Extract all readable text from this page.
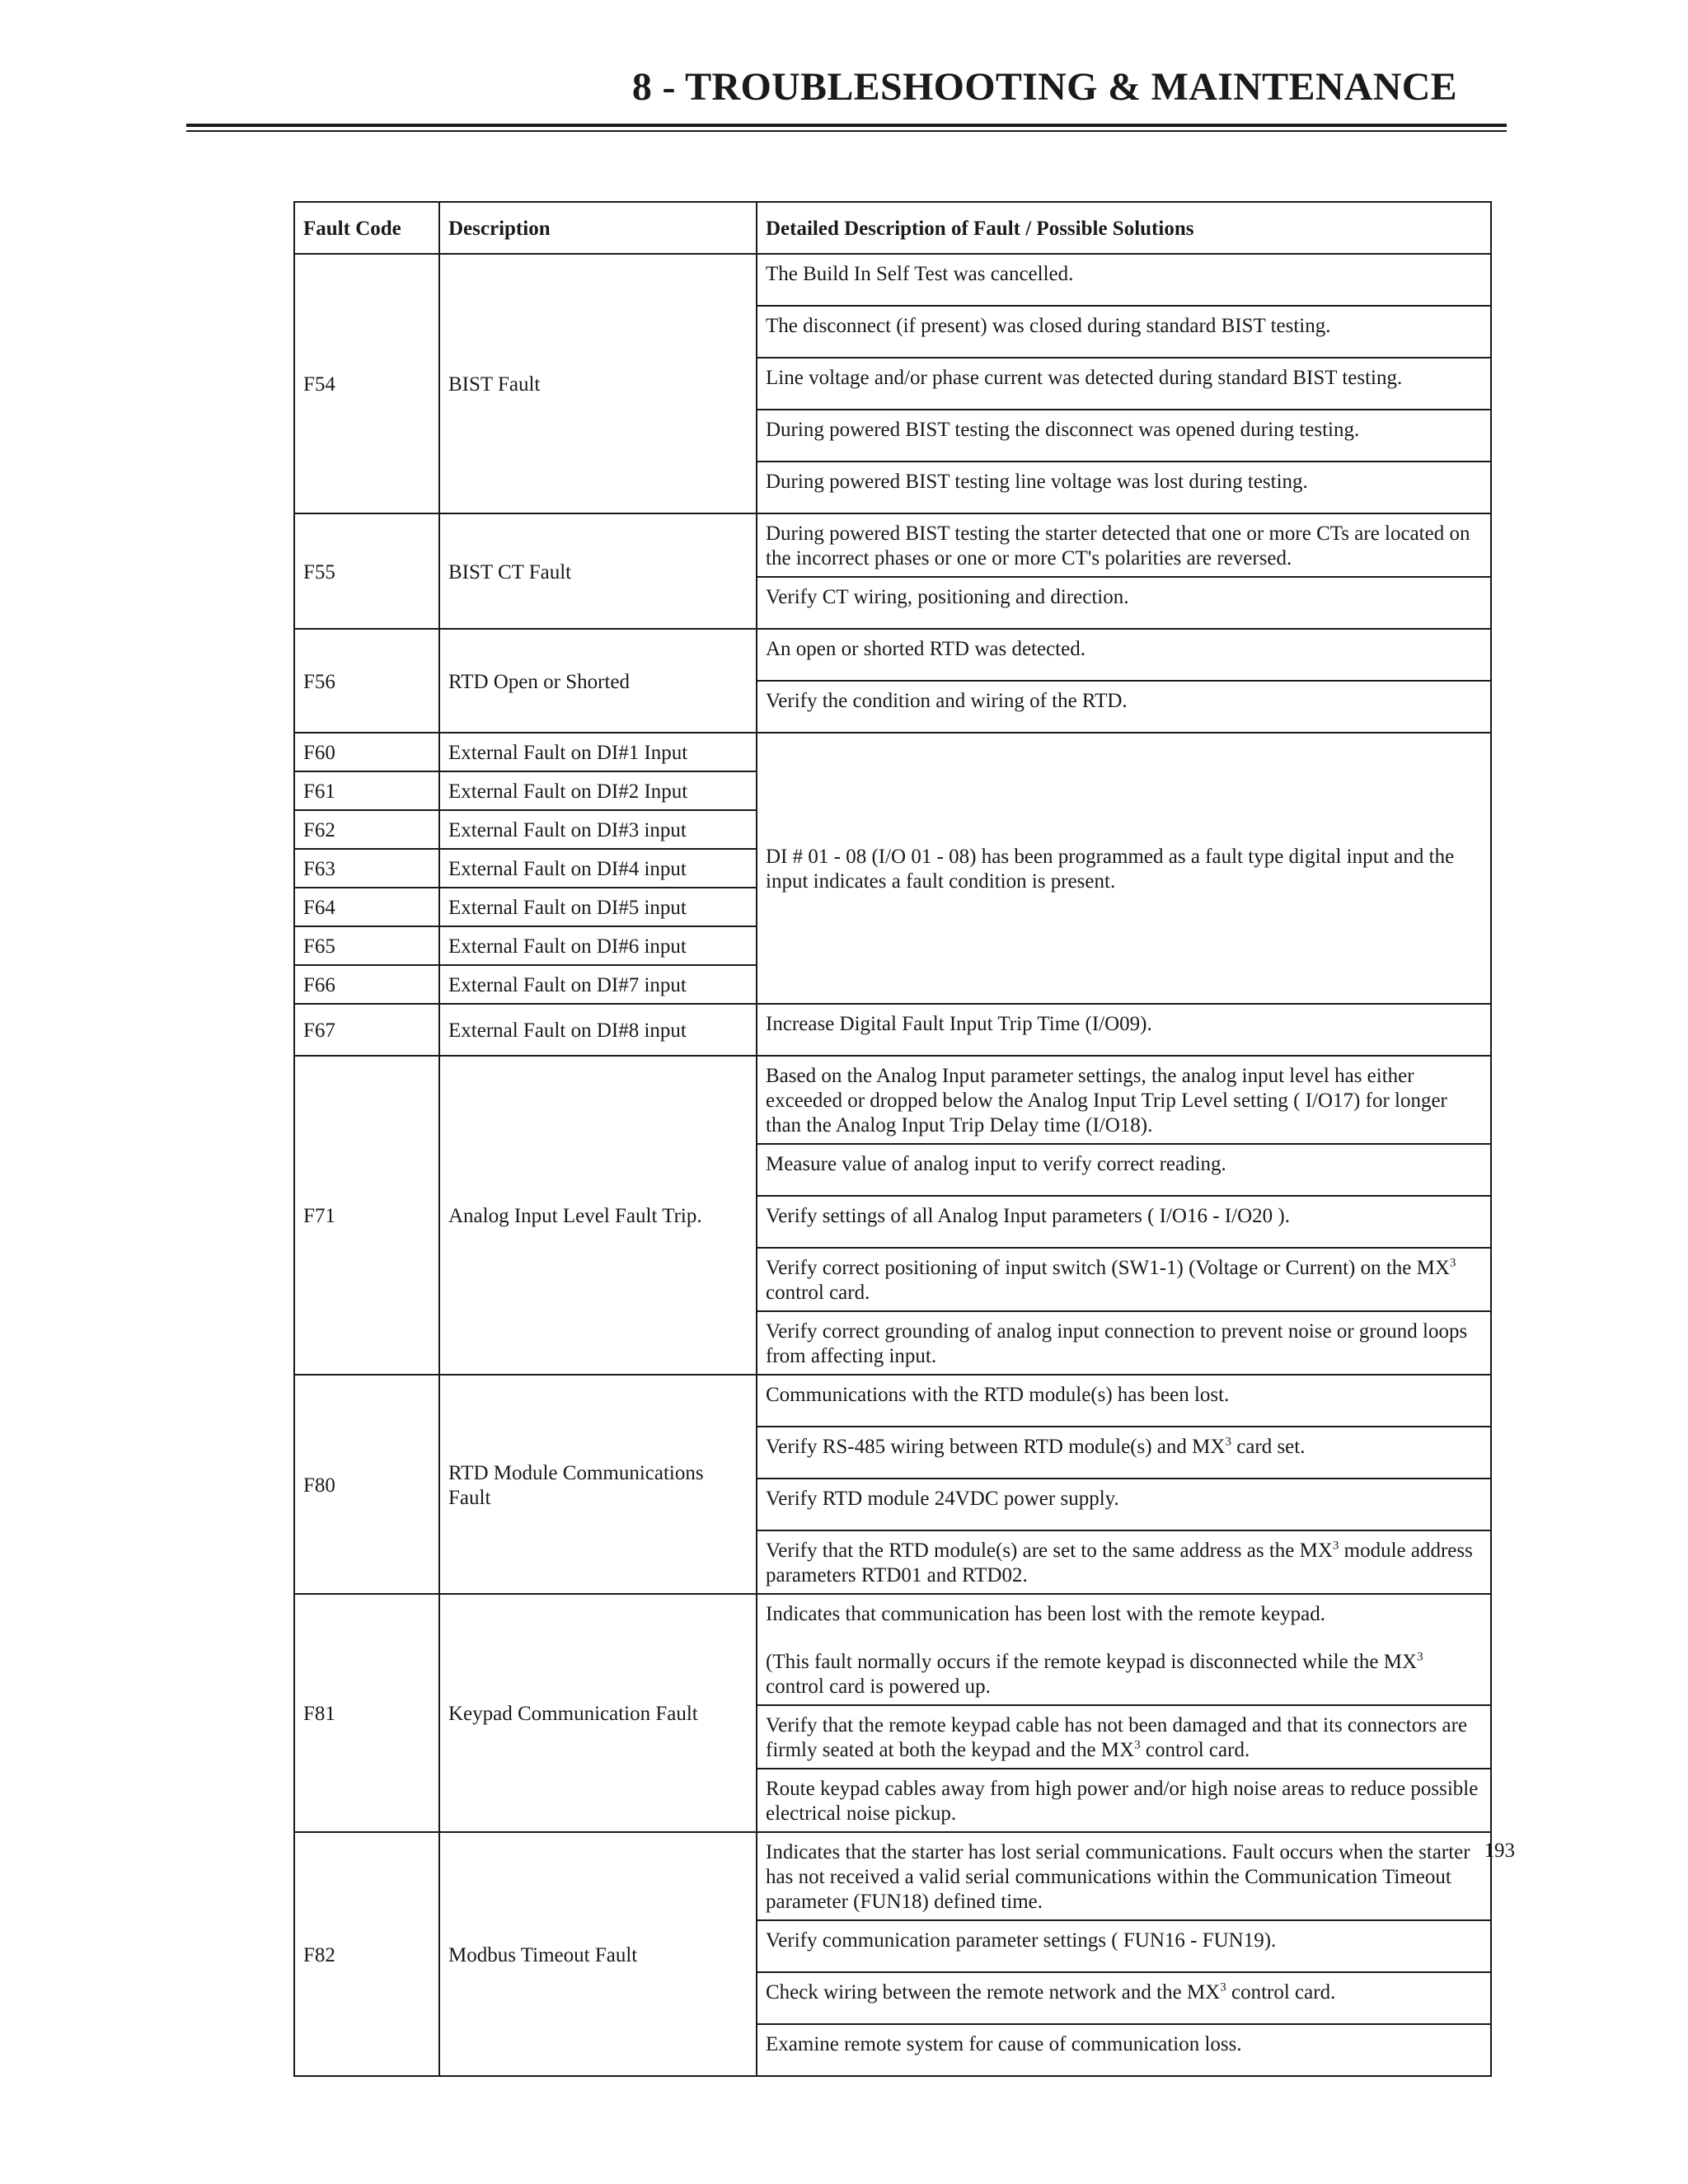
8 - TROUBLESHOOTING & MAINTENANCE
Fault Code	Description	Detailed Description of Fault / Possible Solutions
F54	BIST Fault	The Build In Self Test was cancelled.
		The disconnect (if present) was closed during standard BIST testing.
		Line voltage and/or phase current was detected during standard BIST testing.
		During powered BIST testing the disconnect was opened during testing.
		During powered BIST testing line voltage was lost during testing.
F55	BIST CT Fault	During powered BIST testing the starter detected that one or more CTs are located on the incorrect phases or one or more CT's polarities are reversed.
		Verify CT wiring, positioning and direction.
F56	RTD Open or Shorted	An open or shorted RTD was detected.
		Verify the condition and wiring of the RTD.
F60	External Fault on DI#1 Input	DI # 01 - 08 (I/O 01 - 08) has been programmed as a fault type digital input and the input indicates a fault condition is present.
F61	External Fault on DI#2 Input	
F62	External Fault on DI#3 input	
F63	External Fault on DI#4 input	
F64	External Fault on DI#5 input	
F65	External Fault on DI#6 input	
F66	External Fault on DI#7 input	
F67	External Fault on DI#8 input	Increase Digital Fault Input Trip Time (I/O09).
F71	Analog Input Level Fault Trip.	Based on the Analog Input parameter settings, the analog input level has either exceeded or dropped below the Analog Input Trip Level setting ( I/O17) for longer than the Analog Input Trip Delay time (I/O18).
		Measure value of analog input to verify correct reading.
		Verify settings of all Analog Input parameters ( I/O16 - I/O20 ).
		Verify correct positioning of input switch (SW1-1) (Voltage or Current) on the $MX^3$ control card.
		Verify correct grounding of analog input connection to prevent noise or ground loops from affecting input.
F80	RTD Module Communications Fault	Communications with the RTD module(s) has been lost.
		Verify RS-485 wiring between RTD module(s) and $MX^3$ card set.
		Verify RTD module 24VDC power supply.
		Verify that the RTD module(s) are set to the same address as the $MX^3$ module address parameters RTD01 and RTD02.
F81	Keypad Communication Fault	Indicates that communication has been lost with the remote keypad.
(This fault normally occurs if the remote keypad is disconnected while the $MX^3$ control card is powered up.

		Verify that the remote keypad cable has not been damaged and that its connectors are firmly seated at both the keypad and the $MX^3$ control card.
		Route keypad cables away from high power and/or high noise areas to reduce possible electrical noise pickup.
F82	Modbus Timeout Fault	Indicates that the starter has lost serial communications. Fault occurs when the starter has not received a valid serial communications within the Communication Timeout parameter (FUN18) defined time.
		Verify communication parameter settings ( FUN16 - FUN19).
		Check wiring between the remote network and the $MX^3$ control card.
		Examine remote system for cause of communication loss.
193
